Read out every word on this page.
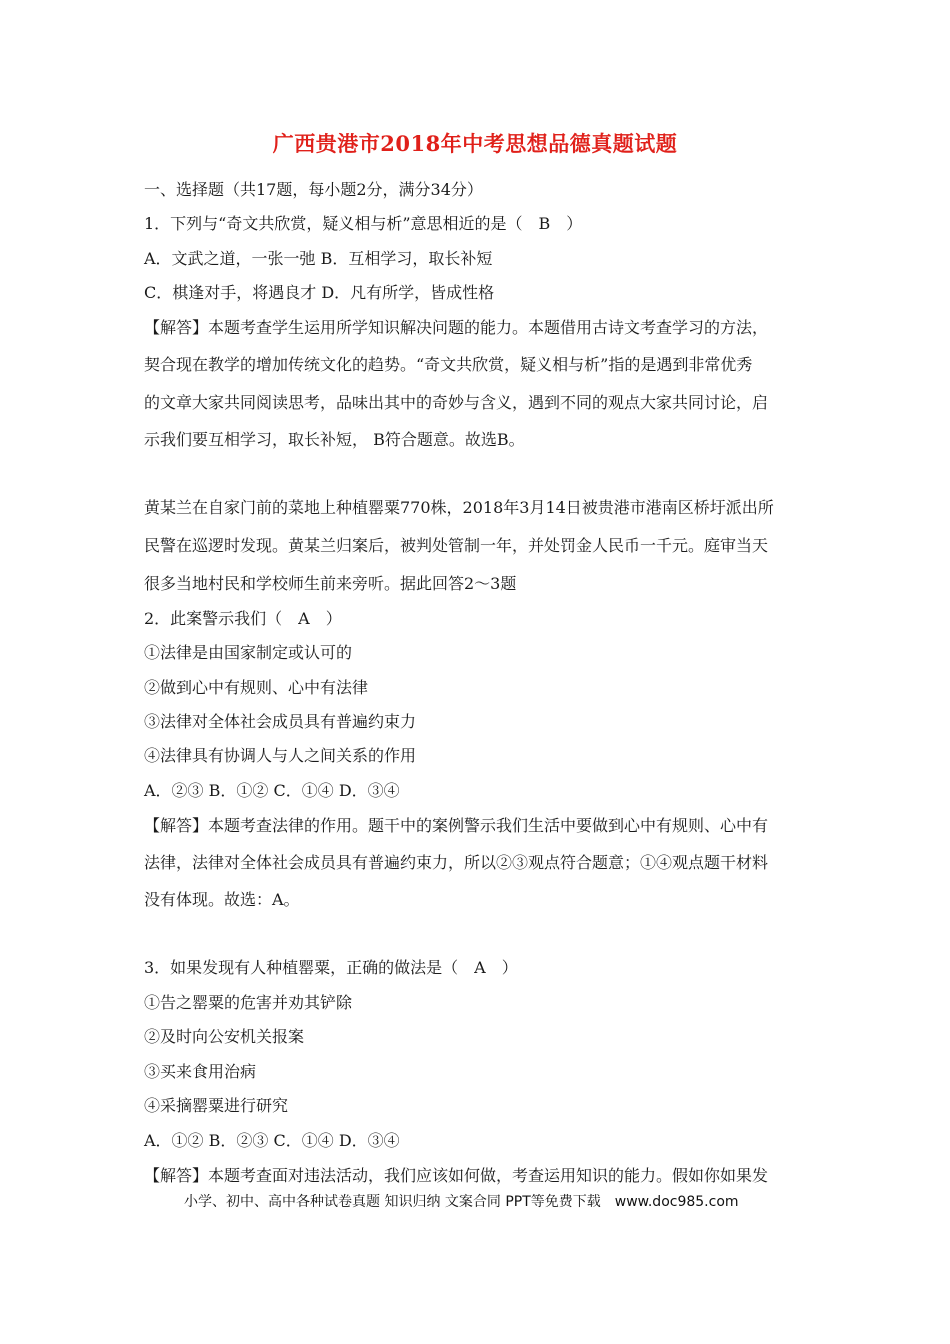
广西贵港市2018年中考思想品德真题试题
一、选择题（共17题，每小题2分，满分34分）
1．下列与“奇文共欣赏，疑义相与析”意思相近的是（　B　）
A．文武之道，一张一弛 B．互相学习，取长补短
C．棋逢对手，将遇良才 D．凡有所学，皆成性格
【解答】本题考查学生运用所学知识解决问题的能力。本题借用古诗文考查学习的方法，
契合现在教学的增加传统文化的趋势。“奇文共欣赏，疑义相与析”指的是遇到非常优秀
的文章大家共同阅读思考，品味出其中的奇妙与含义，遇到不同的观点大家共同讨论，启
示我们要互相学习，取长补短， B符合题意。故选B。
黄某兰在自家门前的菜地上种植罂粟770株，2018年3月14日被贵港市港南区桥圩派出所
民警在巡逻时发现。黄某兰归案后，被判处管制一年，并处罚金人民币一千元。庭审当天
很多当地村民和学校师生前来旁听。据此回答2～3题
2．此案警示我们（　A　）
①法律是由国家制定或认可的
②做到心中有规则、心中有法律
③法律对全体社会成员具有普遍约束力
④法律具有协调人与人之间关系的作用
A．②③ B．①② C．①④ D．③④
【解答】本题考查法律的作用。题干中的案例警示我们生活中要做到心中有规则、心中有
法律，法律对全体社会成员具有普遍约束力，所以②③观点符合题意；①④观点题干材料
没有体现。故选：A。
3．如果发现有人种植罂粟，正确的做法是（　A　）
①告之罂粟的危害并劝其铲除
②及时向公安机关报案
③买来食用治病
④采摘罂粟进行研究
A．①② B．②③ C．①④ D．③④
【解答】本题考查面对违法活动，我们应该如何做，考查运用知识的能力。假如你如果发
小学、初中、高中各种试卷真题 知识归纳 文案合同 PPT等免费下载　www.doc985.com
